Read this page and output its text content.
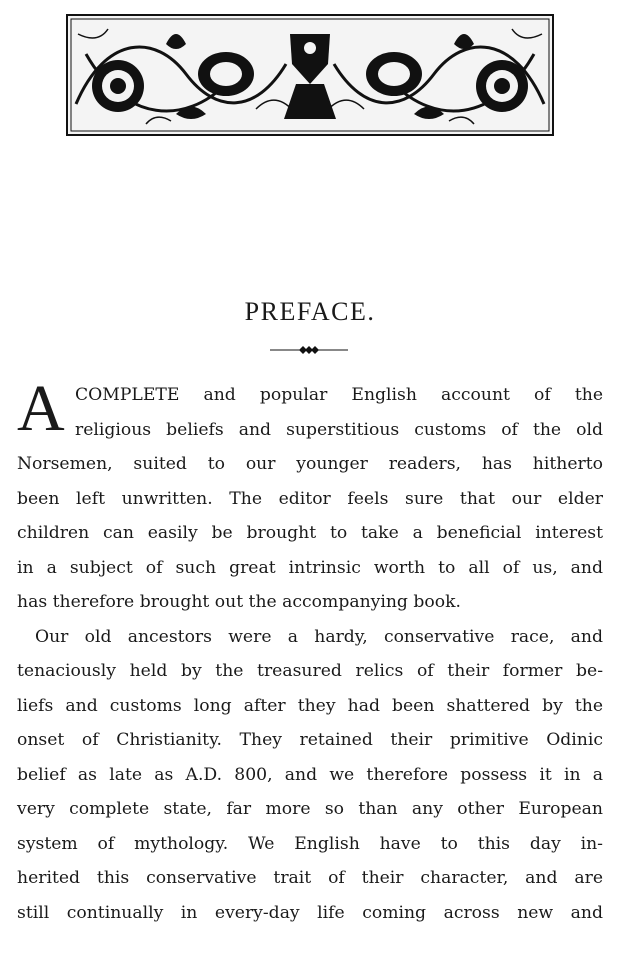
PREFACE.
A COMPLETE and popular English account of the
religious beliefs and superstitious customs of the old
Norsemen, suited to our younger readers, has hitherto
been left unwritten. The editor feels sure that our elder
children can easily be brought to take a beneficial interest
in a subject of such great intrinsic worth to all of us, and
has therefore brought out the accompanying book.
Our old ancestors were a hardy, conservative race, and
tenaciously held by the treasured relics of their former be-
liefs and customs long after they had been shattered by the
onset of Christianity. They retained their primitive Odinic
belief as late as A.D. 800, and we therefore possess it in a
very complete state, far more so than any other European
system of mythology. We English have to this day in-
herited this conservative trait of their character, and are
still continually in every-day life coming across new and
